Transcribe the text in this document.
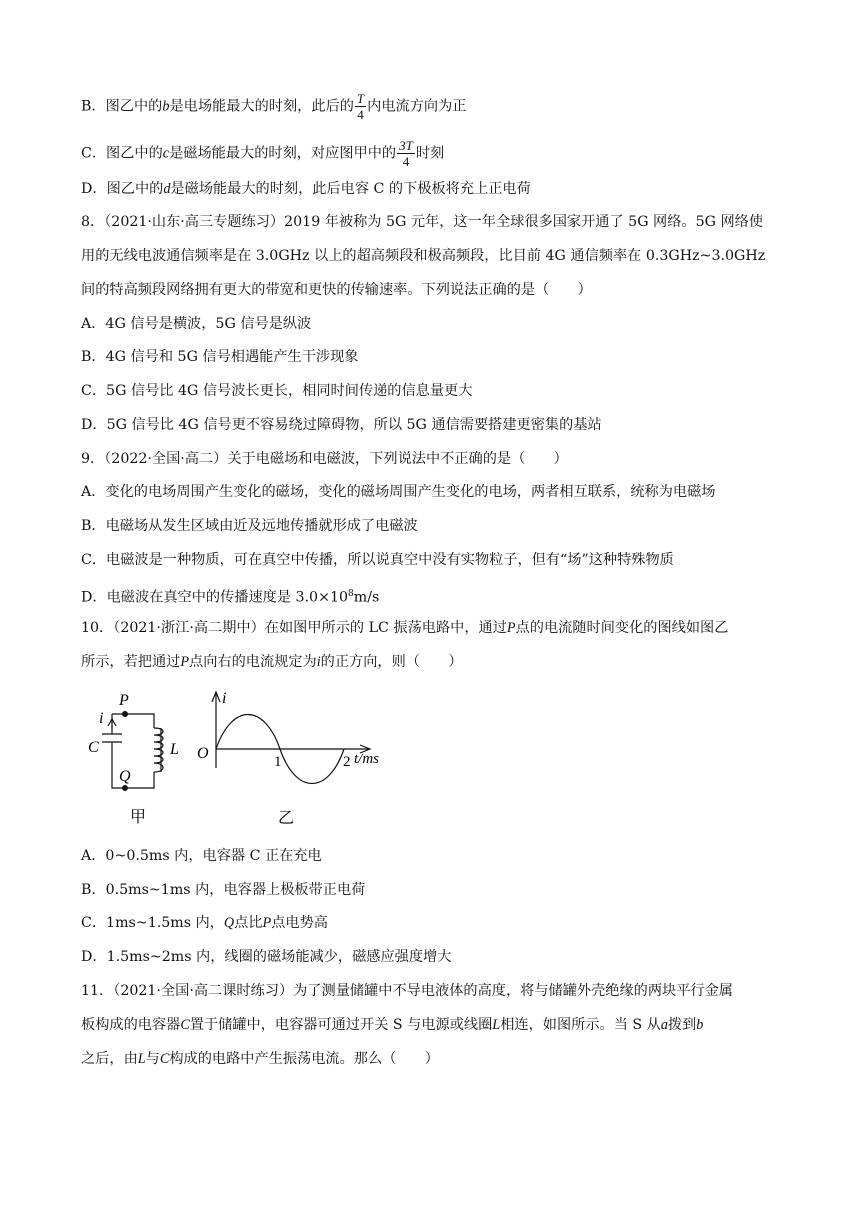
B．图乙中的b是电场能最大的时刻，此后的 $\frac{T}{4}$ 内电流方向为正
C．图乙中的c是磁场能最大的时刻，对应图甲中的 $\frac{3T}{4}$ 时刻
D．图乙中的d是磁场能最大的时刻，此后电容 C 的下极板将充上正电荷
8．（2021·山东·高三专题练习）2019 年被称为 5G 元年，这一年全球很多国家开通了 5G 网络。5G 网络使
用的无线电波通信频率是在 3.0GHz 以上的超高频段和极高频段，比目前 4G 通信频率在 0.3GHz~3.0GHz
间的特高频段网络拥有更大的带宽和更快的传输速率。下列说法正确的是（　　）
A．4G 信号是横波，5G 信号是纵波
B．4G 信号和 5G 信号相遇能产生干涉现象
C．5G 信号比 4G 信号波长更长，相同时间传递的信息量更大
D．5G 信号比 4G 信号更不容易绕过障碍物，所以 5G 通信需要搭建更密集的基站
9．（2022·全国·高二）关于电磁场和电磁波，下列说法中不正确的是（　　）
A．变化的电场周围产生变化的磁场，变化的磁场周围产生变化的电场，两者相互联系，统称为电磁场
B．电磁场从发生区域由近及远地传播就形成了电磁波
C．电磁波是一种物质，可在真空中传播，所以说真空中没有实物粒子，但有“场”这种特殊物质
D．电磁波在真空中的传播速度是 $3.0\times 10^8m/s$
10．（2021·浙江·高二期中）在如图甲所示的 LC 振荡电路中，通过P点的电流随时间变化的图线如图乙
所示，若把通过P点向右的电流规定为i的正方向，则（　　）
P
i
C	L
Q
甲
i
O	1	2 t/ms
乙
A．0~0.5ms 内，电容器 C 正在充电
B．0.5ms~1ms 内，电容器上极板带正电荷
C．1ms~1.5ms 内，Q点比P点电势高
D．1.5ms~2ms 内，线圈的磁场能减少，磁感应强度增大
11．（2021·全国·高二课时练习）为了测量储罐中不导电液体的高度，将与储罐外壳绝缘的两块平行金属
板构成的电容器C置于储罐中，电容器可通过开关 S 与电源或线圈L相连，如图所示。当 S 从a拨到b
之后，由L与C构成的电路中产生振荡电流。那么（　　）
